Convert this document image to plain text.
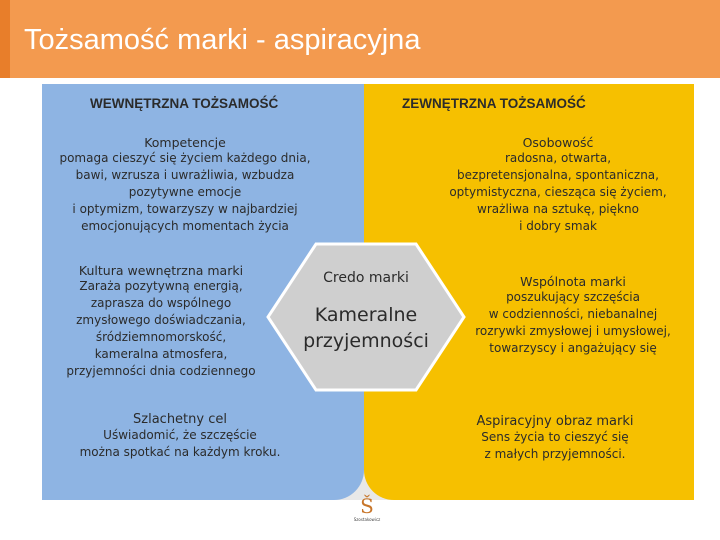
Tożsamość marki - aspiracyjna
WEWNĘTRZNA TOŻSAMOŚĆ	ZEWNĘTRZNA TOŻSAMOŚĆ
Kompetencje
pomaga cieszyć się życiem każdego dnia,
bawi, wzrusza i uwrażliwia, wzbudza
pozytywne emocje
i optymizm, towarzyszy w najbardziej
emocjonujących momentach życia
Osobowość
radosna, otwarta,
bezpretensjonalna, spontaniczna,
optymistyczna, ciesząca się życiem,
wrażliwa na sztukę, piękno
i dobry smak
Kultura wewnętrzna marki
Zaraża pozytywną energią,
zaprasza do wspólnego
zmysłowego doświadczania,
śródziemnomorskość,
kameralna atmosfera,
przyjemności dnia codziennego
Wspólnota marki
poszukujący szczęścia
w codzienności, niebanalnej
rozrywki zmysłowej i umysłowej,
towarzyscy i angażujący się
Credo marki
Kameralne
przyjemności
Szlachetny cel
Uświadomić, że szczęście
można spotkać na każdym kroku.
Aspiracyjny obraz marki
Sens życia to cieszyć się
z małych przyjemności.
Š
Szostakowicz
